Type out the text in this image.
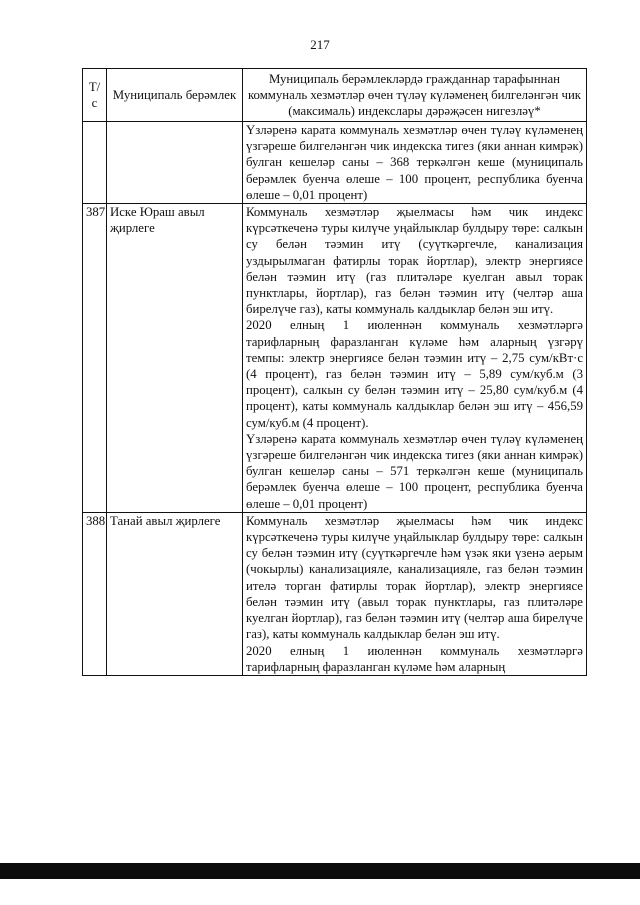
217
Т/с	Муниципаль берәмлек	Муниципаль берәмлекләрдә гражданнар тарафыннан коммуналь хезмәтләр өчен түләү күләменең билгеләнгән чик (максималь) индекслары дәрәҗәсен нигезләү*

		Үзләренә карата коммуналь хезмәтләр өчен түләү күләменең үзгәреше билгеләнгән чик индекска тигез (яки аннан кимрәк) булган кешеләр саны – 368 теркәлгән кеше (муниципаль берәмлек буенча өлеше – 100 процент, республика буенча өлеше – 0,01 процент)

387	Иске Юраш авыл җирлеге	Коммуналь хезмәтләр җыелмасы һәм чик индекс күрсәткеченә туры килүче уңайлыклар булдыру төре: салкын су белән тәэмин итү (суүткәргечле, канализация уздырылмаган фатирлы торак йортлар), электр энергиясе белән тәэмин итү (газ плитәләре куелган авыл торак пунктлары, йортлар), газ белән тәэмин итү (челтәр аша бирелүче газ), каты коммуналь калдыклар белән эш итү.

2020 елның 1 июленнән коммуналь хезмәтләргә тарифларның фаразланган күләме һәм аларның үзгәрү темпы: электр энергиясе белән тәэмин итү – 2,75 сум/кВт·с (4 процент), газ белән тәэмин итү – 5,89 сум/куб.м (3 процент), салкын су белән тәэмин итү – 25,80 сум/куб.м (4 процент), каты коммуналь калдыклар белән эш итү – 456,59 сум/куб.м (4 процент).

Үзләренә карата коммуналь хезмәтләр өчен түләү күләменең үзгәреше билгеләнгән чик индекска тигез (яки аннан кимрәк) булган кешеләр саны – 571 теркәлгән кеше (муниципаль берәмлек буенча өлеше – 100 процент, республика буенча өлеше – 0,01 процент)

388	Танай авыл җирлеге	Коммуналь хезмәтләр җыелмасы һәм чик индекс күрсәткеченә туры килүче уңайлыклар булдыру төре: салкын су белән тәэмин итү (суүткәргечле һәм үзәк яки үзенә аерым (чокырлы) канализацияле, канализацияле, газ белән тәэмин ителә торган фатирлы торак йортлар), электр энергиясе белән тәэмин итү (авыл торак пунктлары, газ плитәләре куелган йортлар), газ белән тәэмин итү (челтәр аша бирелүче газ), каты коммуналь калдыклар белән эш итү.

2020 елның 1 июленнән коммуналь хезмәтләргә тарифларның фаразланган күләме һәм аларның
